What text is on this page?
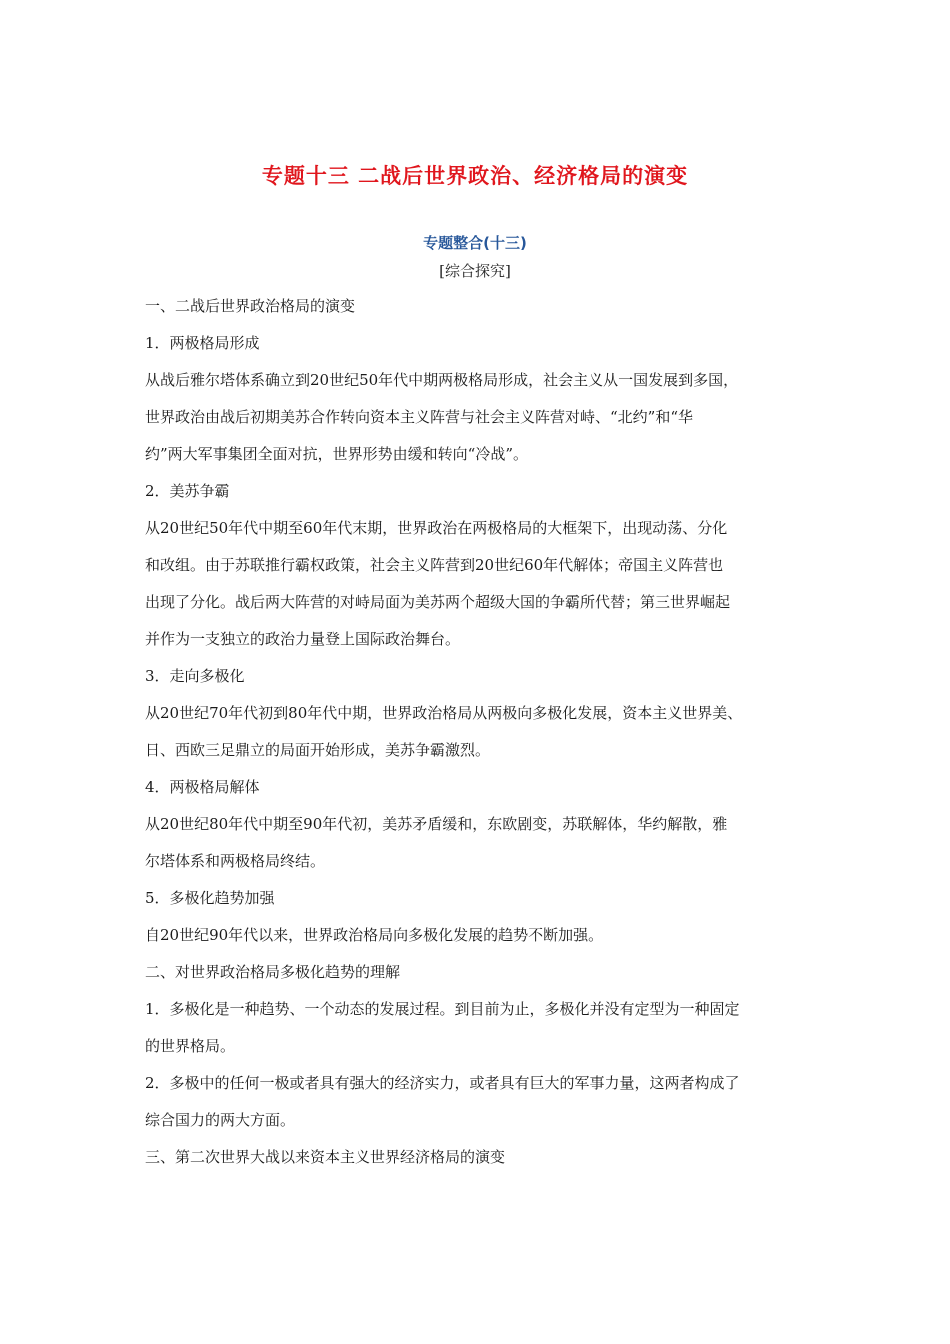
专题十三 二战后世界政治、经济格局的演变
专题整合(十三)
[综合探究]
一、二战后世界政治格局的演变
1．两极格局形成
从战后雅尔塔体系确立到20世纪50年代中期两极格局形成，社会主义从一国发展到多国，
世界政治由战后初期美苏合作转向资本主义阵营与社会主义阵营对峙、“北约”和“华
约”两大军事集团全面对抗，世界形势由缓和转向“冷战”。
2．美苏争霸
从20世纪50年代中期至60年代末期，世界政治在两极格局的大框架下，出现动荡、分化
和改组。由于苏联推行霸权政策，社会主义阵营到20世纪60年代解体；帝国主义阵营也
出现了分化。战后两大阵营的对峙局面为美苏两个超级大国的争霸所代替；第三世界崛起
并作为一支独立的政治力量登上国际政治舞台。
3．走向多极化
从20世纪70年代初到80年代中期，世界政治格局从两极向多极化发展，资本主义世界美、
日、西欧三足鼎立的局面开始形成，美苏争霸激烈。
4．两极格局解体
从20世纪80年代中期至90年代初，美苏矛盾缓和，东欧剧变，苏联解体，华约解散，雅
尔塔体系和两极格局终结。
5．多极化趋势加强
自20世纪90年代以来，世界政治格局向多极化发展的趋势不断加强。
二、对世界政治格局多极化趋势的理解
1．多极化是一种趋势、一个动态的发展过程。到目前为止，多极化并没有定型为一种固定
的世界格局。
2．多极中的任何一极或者具有强大的经济实力，或者具有巨大的军事力量，这两者构成了
综合国力的两大方面。
三、第二次世界大战以来资本主义世界经济格局的演变
